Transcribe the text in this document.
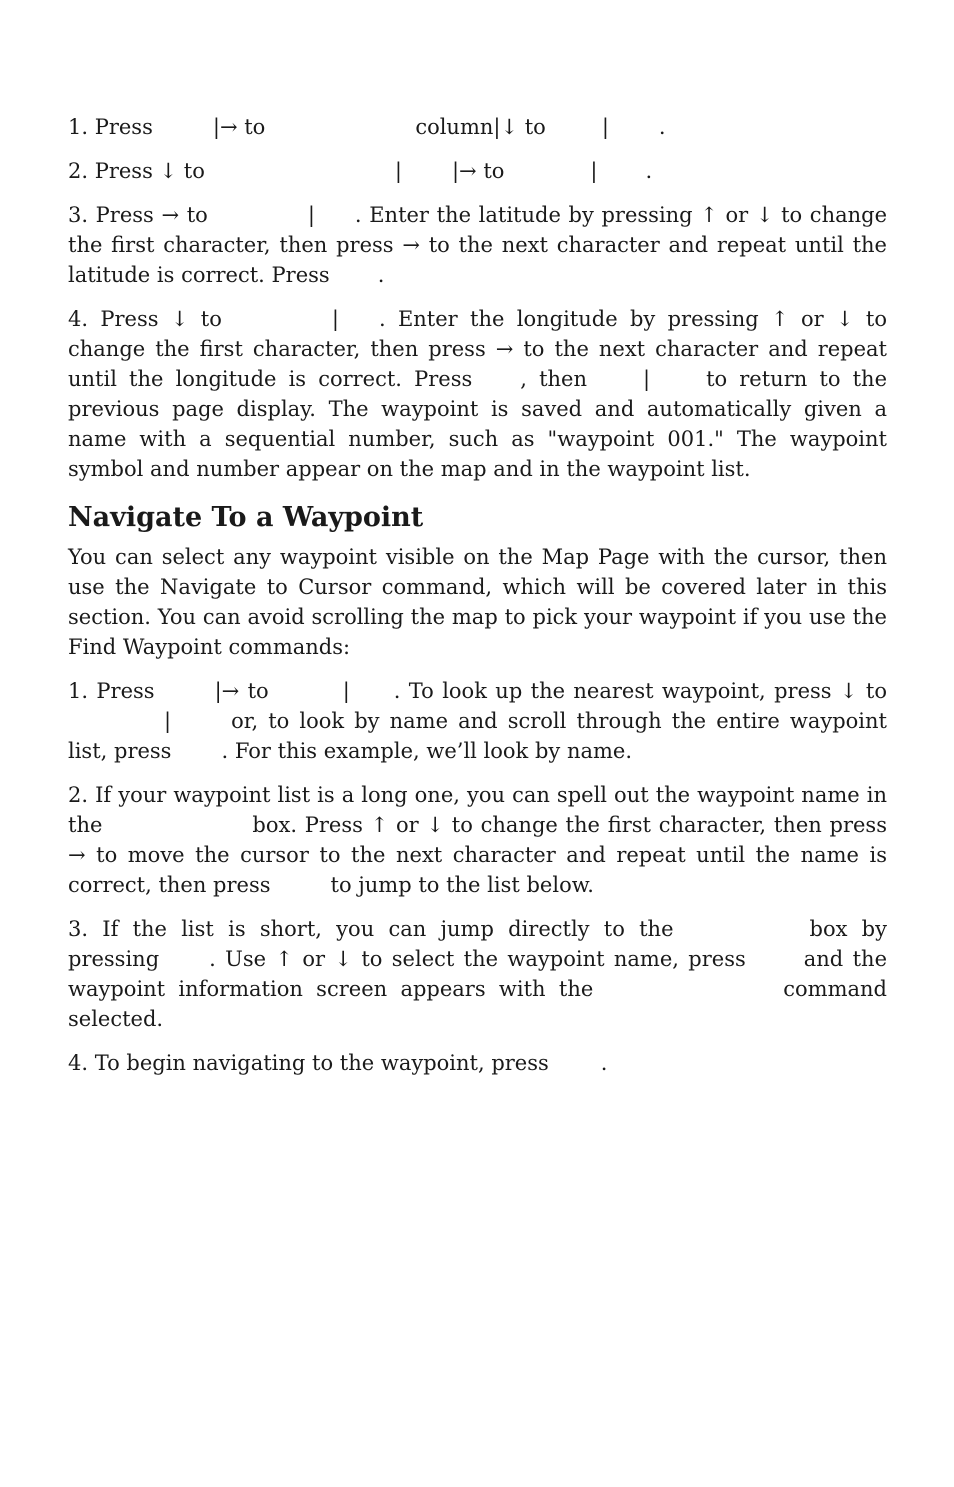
1. Press	|→ to	column|↓ to	| .

2. Press ↓ to	| |→ to	| .

3. Press → to	| . Enter the latitude by pressing ↑ or ↓ to change the first character, then press → to the next character and repeat until the latitude is correct. Press .

4. Press ↓ to	| . Enter the longitude by pressing ↑ or ↓ to change the first character, then press → to the next character and repeat until the longitude is correct. Press , then	|	to return to the previous page display. The waypoint is saved and automatically given a name with a sequential number, such as "waypoint 001." The waypoint symbol and number appear on the map and in the waypoint list.

Navigate To a Waypoint

You can select any waypoint visible on the Map Page with the cursor, then use the Navigate to Cursor command, which will be covered later in this section. You can avoid scrolling the map to pick your waypoint if you use the Find Waypoint commands:

1. Press	|→ to	| . To look up the nearest waypoint, press ↓ to|	or, to look by name and scroll through the entire waypoint list, press . For this example, we’ll look by name.

2. If your waypoint list is a long one, you can spell out the waypoint name in the	box. Press ↑ or ↓ to change the first character, then press → to move the cursor to the next character and repeat until the name is correct, then press	to jump to the list below.

3. If the list is short, you can jump directly to the	box by pressing . Use ↑ or ↓ to select the waypoint name, press	and the waypoint information screen appears with the	command selected.

4. To begin navigating to the waypoint, press .
